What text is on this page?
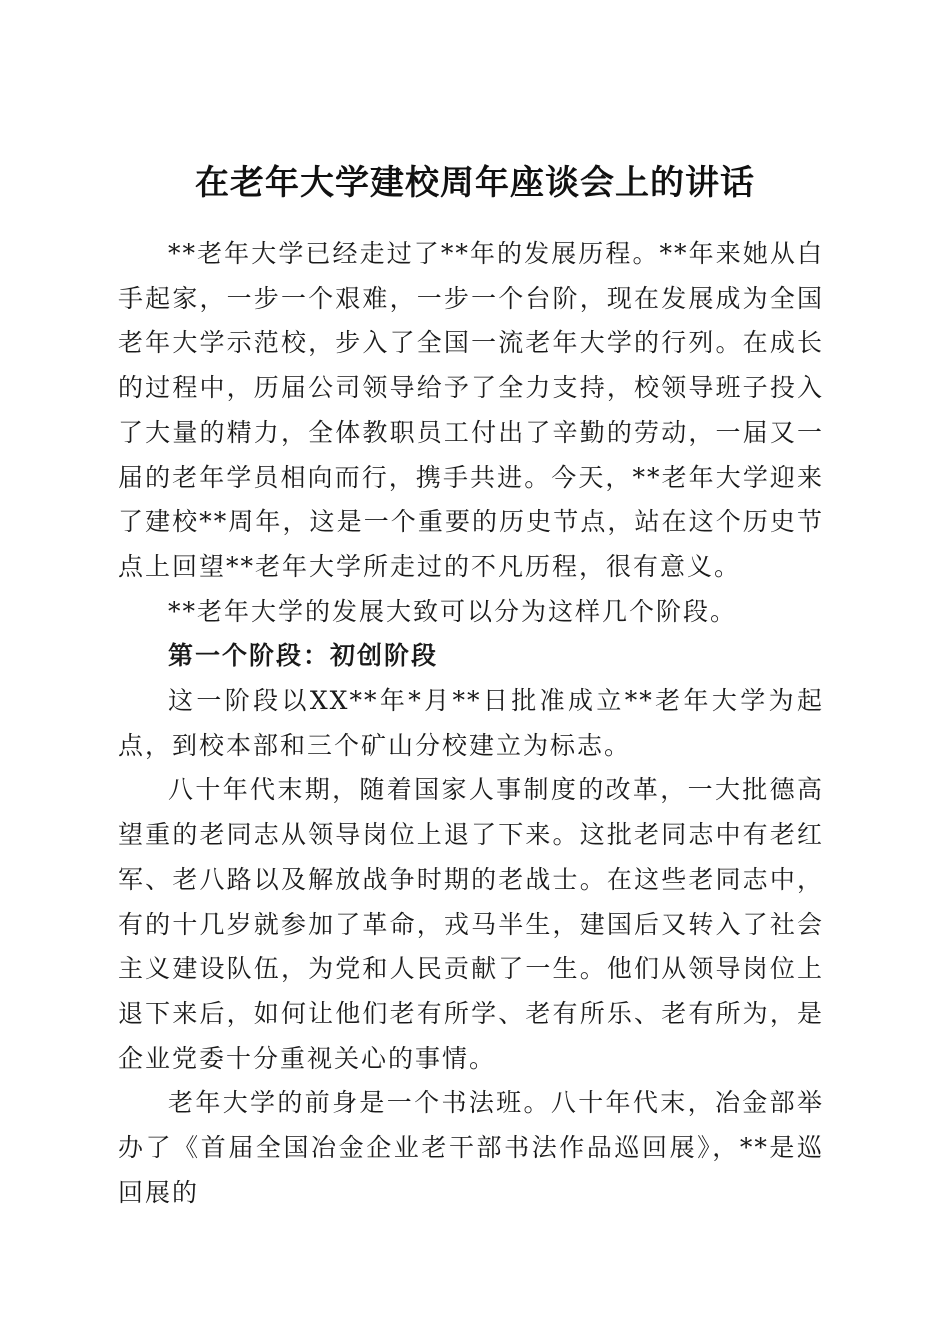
在老年大学建校周年座谈会上的讲话

**老年大学已经走过了**年的发展历程。**年来她从白手起家，一步一个艰难，一步一个台阶，现在发展成为全国老年大学示范校，步入了全国一流老年大学的行列。在成长的过程中，历届公司领导给予了全力支持，校领导班子投入了大量的精力，全体教职员工付出了辛勤的劳动，一届又一届的老年学员相向而行，携手共进。今天，**老年大学迎来了建校**周年，这是一个重要的历史节点，站在这个历史节点上回望**老年大学所走过的不凡历程，很有意义。

**老年大学的发展大致可以分为这样几个阶段。

第一个阶段：初创阶段

这一阶段以XX**年*月**日批准成立**老年大学为起点，到校本部和三个矿山分校建立为标志。

八十年代末期，随着国家人事制度的改革，一大批德高望重的老同志从领导岗位上退了下来。这批老同志中有老红军、老八路以及解放战争时期的老战士。在这些老同志中，有的十几岁就参加了革命，戎马半生，建国后又转入了社会主义建设队伍，为党和人民贡献了一生。他们从领导岗位上退下来后，如何让他们老有所学、老有所乐、老有所为，是企业党委十分重视关心的事情。

老年大学的前身是一个书法班。八十年代末，冶金部举办了《首届全国冶金企业老干部书法作品巡回展》，**是巡回展的
